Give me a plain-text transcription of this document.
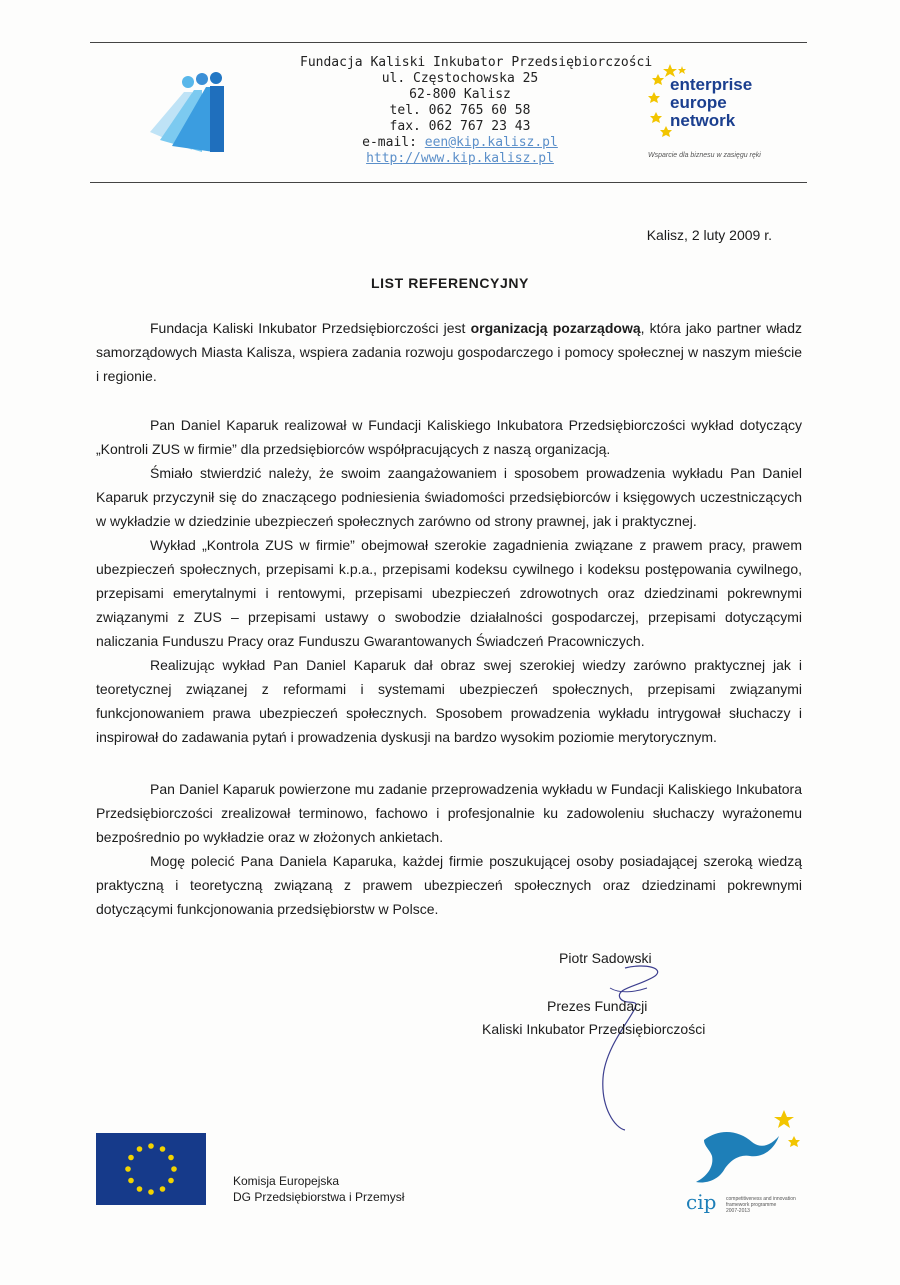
Fundacja Kaliski Inkubator Przedsiębiorczości
ul. Częstochowska 25
62-800 Kalisz
tel. 062 765 60 58
fax. 062 767 23 43
e-mail: een@kip.kalisz.pl
http://www.kip.kalisz.pl
enterprise
europe
network
Wsparcie dla biznesu w zasięgu ręki
Kalisz, 2 luty 2009 r.
LIST REFERENCYJNY

Fundacja Kaliski Inkubator Przedsiębiorczości jest organizacją pozarządową, która jako partner władz samorządowych Miasta Kalisza, wspiera zadania rozwoju gospodarczego i pomocy społecznej w naszym mieście i regionie.

Pan Daniel Kaparuk realizował w Fundacji Kaliskiego Inkubatora Przedsiębiorczości wykład dotyczący „Kontroli ZUS w firmie” dla przedsiębiorców współpracujących z naszą organizacją.

Śmiało stwierdzić należy, że swoim zaangażowaniem i sposobem prowadzenia wykładu Pan Daniel Kaparuk przyczynił się do znaczącego podniesienia świadomości przedsiębiorców i księgowych uczestniczących w wykładzie w dziedzinie ubezpieczeń społecznych zarówno od strony prawnej, jak i praktycznej.

Wykład „Kontrola ZUS w firmie” obejmował szerokie zagadnienia związane z prawem pracy, prawem ubezpieczeń społecznych, przepisami k.p.a., przepisami kodeksu cywilnego i kodeksu postępowania cywilnego, przepisami emerytalnymi i rentowymi, przepisami ubezpieczeń zdrowotnych oraz dziedzinami pokrewnymi związanymi z ZUS – przepisami ustawy o swobodzie działalności gospodarczej, przepisami dotyczącymi naliczania Funduszu Pracy oraz Funduszu Gwarantowanych Świadczeń Pracowniczych.

Realizując wykład Pan Daniel Kaparuk dał obraz swej szerokiej wiedzy zarówno praktycznej jak i teoretycznej związanej z reformami i systemami ubezpieczeń społecznych, przepisami związanymi funkcjonowaniem prawa ubezpieczeń społecznych. Sposobem prowadzenia wykładu intrygował słuchaczy i inspirował do zadawania pytań i prowadzenia dyskusji na bardzo wysokim poziomie merytorycznym.

Pan Daniel Kaparuk powierzone mu zadanie przeprowadzenia wykładu w Fundacji Kaliskiego Inkubatora Przedsiębiorczości zrealizował terminowo, fachowo i profesjonalnie ku zadowoleniu słuchaczy wyrażonemu bezpośrednio po wykładzie oraz w złożonych ankietach.

Mogę polecić Pana Daniela Kaparuka, każdej firmie poszukującej osoby posiadającej szeroką wiedzą praktyczną i teoretyczną związaną z prawem ubezpieczeń społecznych oraz dziedzinami pokrewnymi dotyczącymi funkcjonowania przedsiębiorstw w Polsce.

Piotr Sadowski
Prezes Fundacji
Kaliski Inkubator Przedsiębiorczości
Komisja Europejska
DG Przedsiębiorstwa i Przemysł	cip competitiveness and innovation
framework programme
2007-2013
